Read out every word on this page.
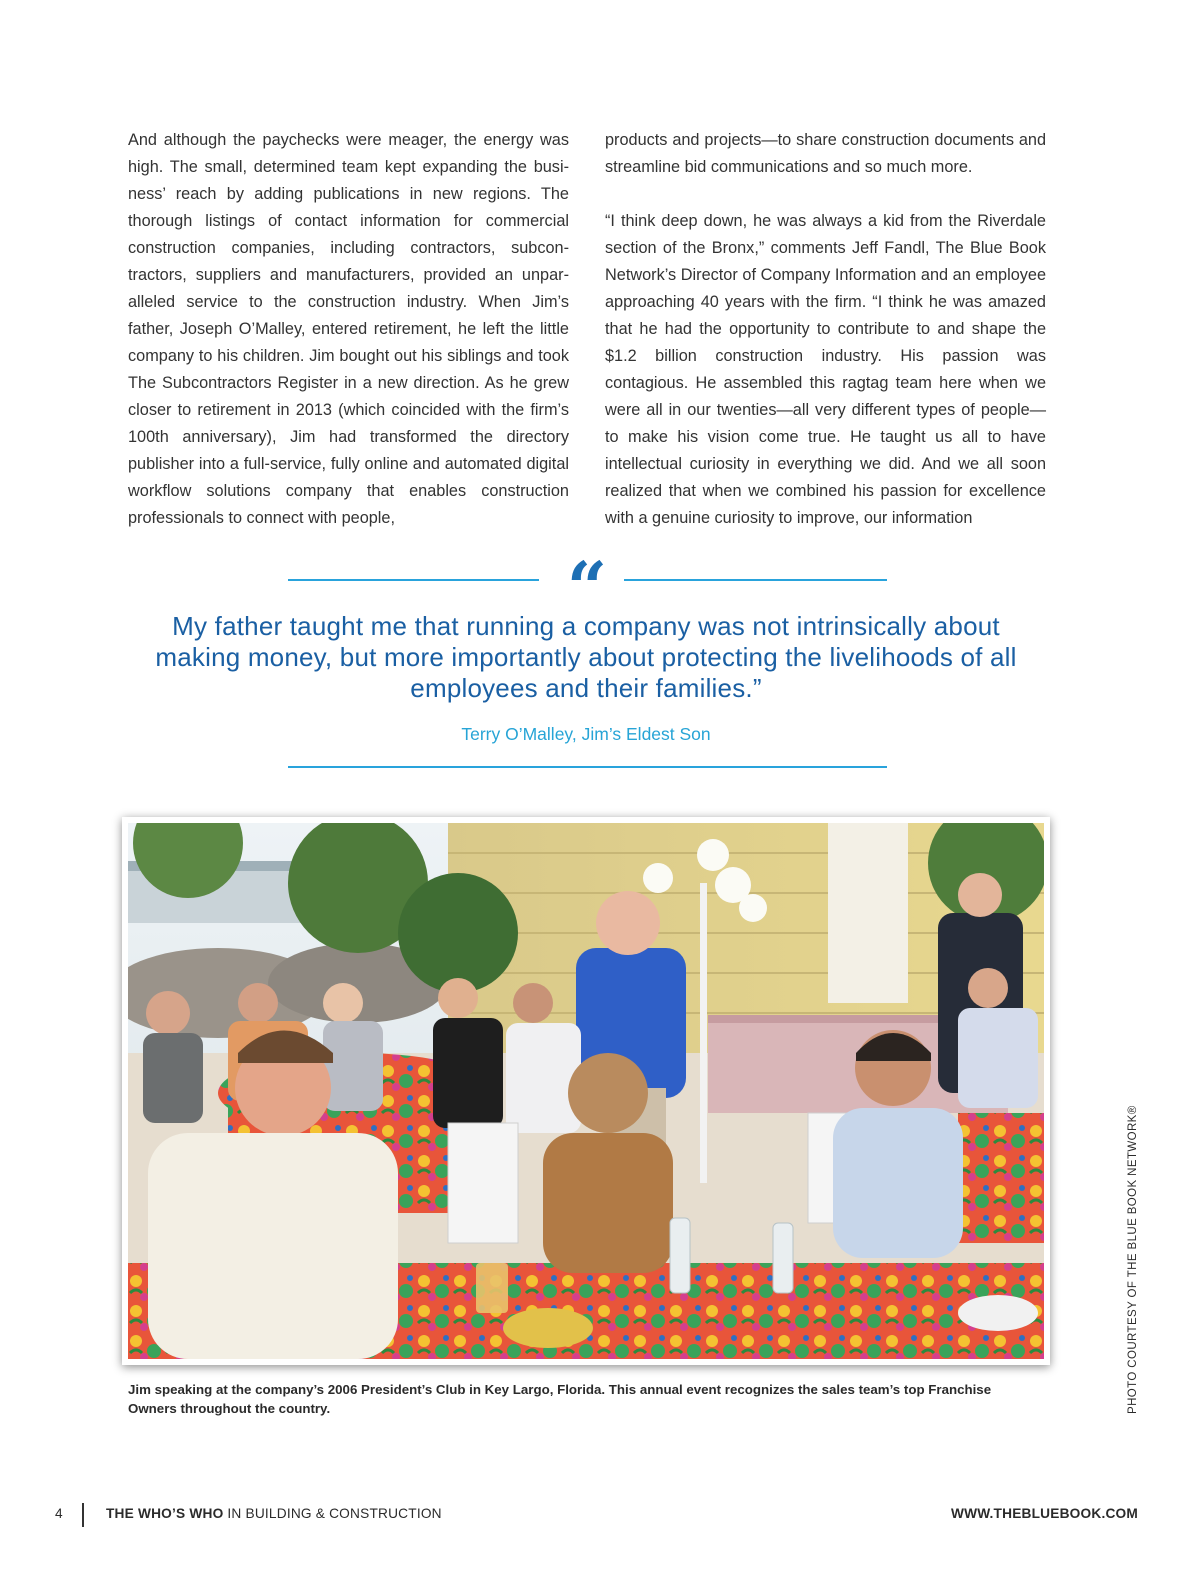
And although the paychecks were meager, the energy was high. The small, determined team kept expanding the business’ reach by adding publications in new regions. The thorough listings of contact information for commercial construction companies, including contractors, subcontractors, suppliers and manufacturers, provided an unparalleled service to the construction industry. When Jim’s father, Joseph O’Malley, entered retirement, he left the little company to his children. Jim bought out his siblings and took The Subcontractors Register in a new direction. As he grew closer to retirement in 2013 (which coincided with the firm’s 100th anniversary), Jim had transformed the directory publisher into a full-service, fully online and automated digital workflow solutions company that enables construction professionals to connect with people,

products and projects—to share construction documents and streamline bid communications and so much more.

“I think deep down, he was always a kid from the Riverdale section of the Bronx,” comments Jeff Fandl, The Blue Book Network’s Director of Company Information and an employee approaching 40 years with the firm. “I think he was amazed that he had the opportunity to contribute to and shape the $1.2 billion construction industry. His passion was contagious. He assembled this ragtag team here when we were all in our twenties—all very different types of people—to make his vision come true. He taught us all to have intellectual curiosity in everything we did. And we all soon realized that when we combined his passion for excellence with a genuine curiosity to improve, our information

“
My father taught me that running a company was not intrinsically about making money, but more importantly about protecting the livelihoods of all employees and their families.”
Terry O’Malley, Jim’s Eldest Son
Jim speaking at the company’s 2006 President’s Club in Key Largo, Florida. This annual event recognizes the sales team’s top Franchise Owners throughout the country.	PHOTO COURTESY OF THE BLUE BOOK NETWORK®
4	THE WHO’S WHO IN BUILDING & CONSTRUCTION	WWW.THEBLUEBOOK.COM
